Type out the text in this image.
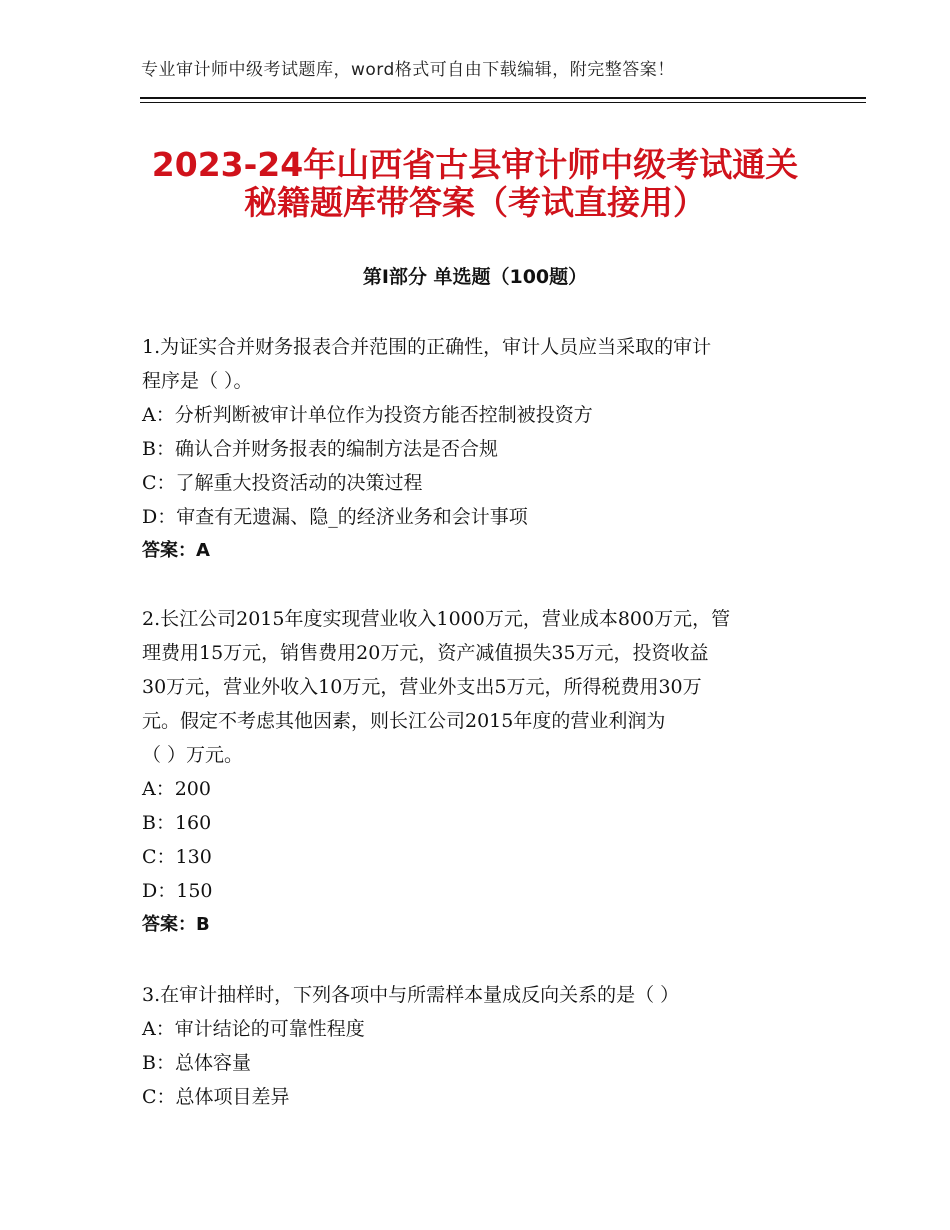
专业审计师中级考试题库，word格式可自由下载编辑，附完整答案！
2023-24年山西省古县审计师中级考试通关
秘籍题库带答案（考试直接用）
第Ⅰ部分 单选题（100题）
1.为证实合并财务报表合并范围的正确性，审计人员应当采取的审计
程序是（ ）。
A：分析判断被审计单位作为投资方能否控制被投资方
B：确认合并财务报表的编制方法是否合规
C：了解重大投资活动的决策过程
D：审查有无遗漏、隐_的经济业务和会计事项
答案：A
2.长江公司2015年度实现营业收入1000万元，营业成本800万元，管
理费用15万元，销售费用20万元，资产减值损失35万元，投资收益
30万元，营业外收入10万元，营业外支出5万元，所得税费用30万
元。假定不考虑其他因素，则长江公司2015年度的营业利润为
（ ）万元。
A：200
B：160
C：130
D：150
答案：B
3.在审计抽样时，下列各项中与所需样本量成反向关系的是（ ）
A：审计结论的可靠性程度
B：总体容量
C：总体项目差异
